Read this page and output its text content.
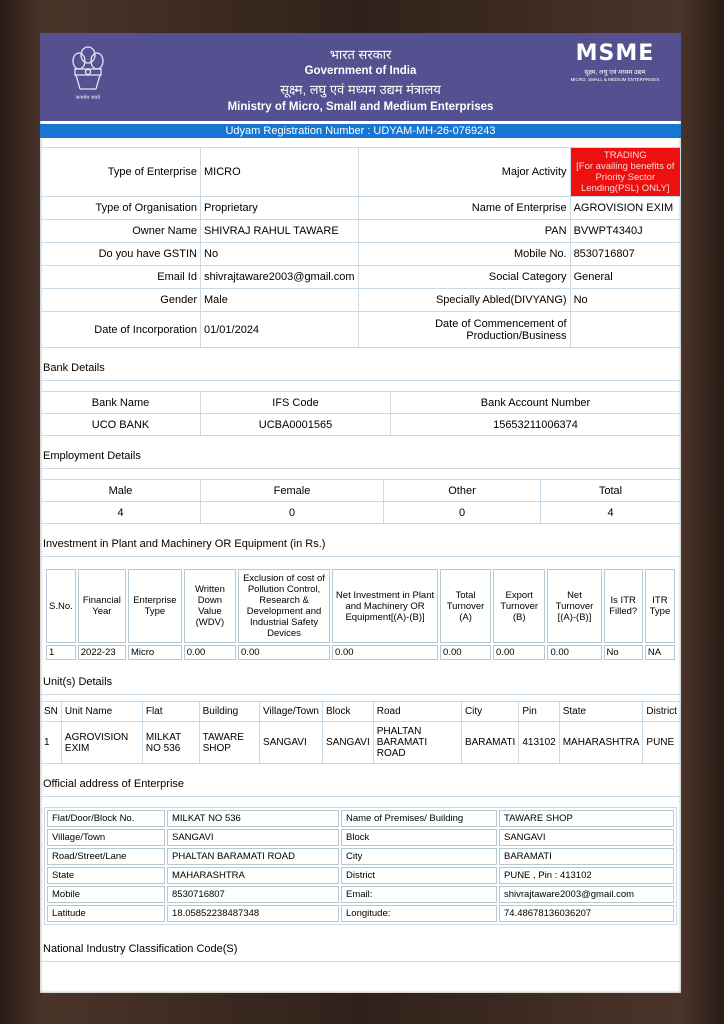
सत्यमेव जयते
भारत सरकार
Government of India
सूक्ष्म, लघु एवं मध्यम उद्यम मंत्रालय
Ministry of Micro, Small and Medium Enterprises
MSME
सूक्ष्म, लघु एवं मध्यम उद्यम
MICRO, SMALL & MEDIUM ENTERPRISES
Udyam Registration Number : UDYAM-MH-26-0769243
Type of Enterprise	MICRO	Major Activity	TRADING
[For availing benefits of Priority Sector Lending(PSL) ONLY]

Type of Organisation	Proprietary	Name of Enterprise	AGROVISION EXIM
Owner Name	SHIVRAJ RAHUL TAWARE	PAN	BVWPT4340J
Do you have GSTIN	No	Mobile No.	8530716807
Email Id	shivrajtaware2003@gmail.com	Social Category	General
Gender	Male	Specially Abled(DIVYANG)	No
Date of Incorporation	01/01/2024	Date of Commencement of Production/Business	
Bank Details
Bank Name	IFS Code	Bank Account Number
UCO BANK	UCBA0001565	15653211006374
Employment Details
Male	Female	Other	Total
4	0	0	4
Investment in Plant and Machinery OR Equipment (in Rs.)
S.No.	Financial Year	Enterprise Type	Written Down Value (WDV)	Exclusion of cost of Pollution Control, Research & Development and Industrial Safety Devices	Net Investment in Plant and Machinery OR Equipment[(A)-(B)]	Total Turnover (A)	Export Turnover (B)	Net Turnover [(A)-(B)]	Is ITR Filled?	ITR Type
1	2022-23	Micro	0.00	0.00	0.00	0.00	0.00	0.00	No	NA
Unit(s) Details
SN	Unit Name	Flat	Building	Village/Town	Block	Road	City	Pin	State	District
1	AGROVISION EXIM	MILKAT NO 536	TAWARE SHOP	SANGAVI	SANGAVI	PHALTAN BARAMATI ROAD	BARAMATI	413102	MAHARASHTRA	PUNE
Official address of Enterprise
Flat/Door/Block No.	MILKAT NO 536	Name of Premises/ Building	TAWARE SHOP
Village/Town	SANGAVI	Block	SANGAVI
Road/Street/Lane	PHALTAN BARAMATI ROAD	City	BARAMATI
State	MAHARASHTRA	District	PUNE , Pin : 413102
Mobile	8530716807	Email:	shivrajtaware2003@gmail.com
Latitude	18.05852238487348	Longitude:	74.48678136036207
National Industry Classification Code(S)
